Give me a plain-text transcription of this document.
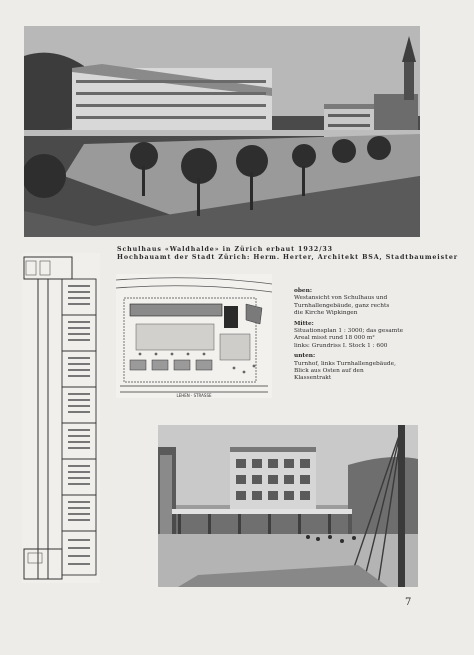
Schulhaus «Waldhalde» in Zürich erbaut 1932/33
Hochbauamt der Stadt Zürich: Herm. Herter, Architekt BSA, Stadtbaumeister
LEHEN · STRASSE
oben:
Westansicht von Schulhaus und
Turnhallengebäude, ganz rechts
die Kirche Wipkingen
Mitte:
Situationsplan 1 : 3000; das gesamte
Areal misst rund 18 000 m²
links: Grundriss I. Stock 1 : 600
unten:
Turnhof, links Turnhallengebäude,
Blick aus Osten auf den
Klassentrakt
7
